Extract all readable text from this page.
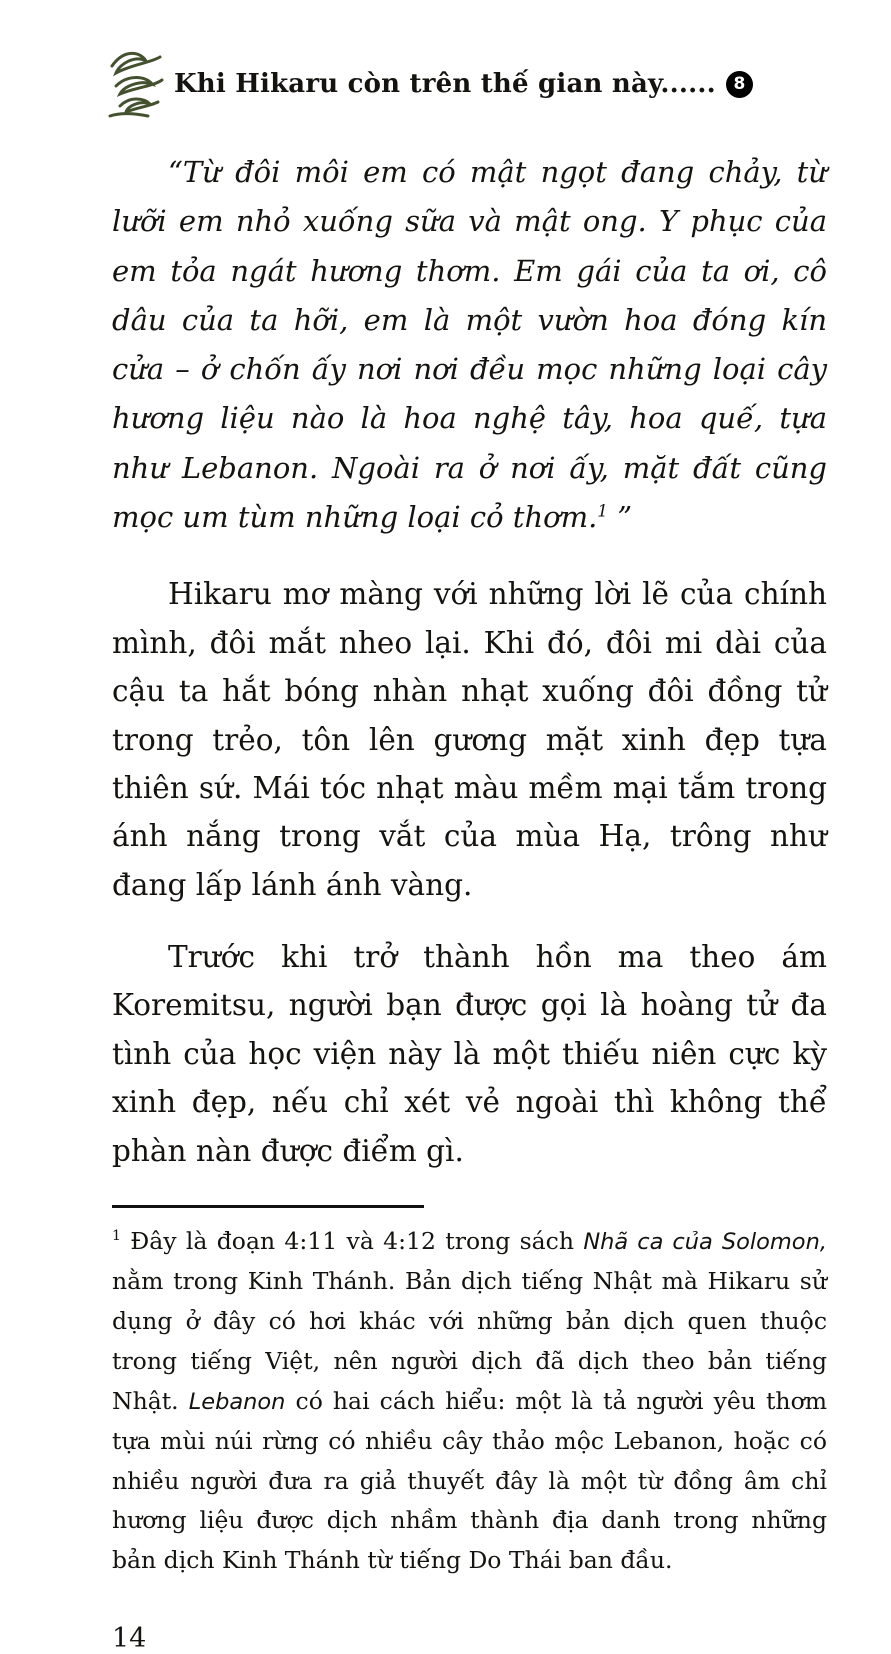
Khi Hikaru còn trên thế gian này......	8

“Từ đôi môi em có mật ngọt đang chảy, từ lưỡi em nhỏ xuống sữa và mật ong. Y phục của em tỏa ngát hương thơm. Em gái của ta ơi, cô dâu của ta hỡi, em là một vườn hoa đóng kín cửa – ở chốn ấy nơi nơi đều mọc những loại cây hương liệu nào là hoa nghệ tây, hoa quế, tựa như Lebanon. Ngoài ra ở nơi ấy, mặt đất cũng mọc um tùm những loại cỏ thơm.$^1$ ”

Hikaru mơ màng với những lời lẽ của chính mình, đôi mắt nheo lại. Khi đó, đôi mi dài của cậu ta hắt bóng nhàn nhạt xuống đôi đồng tử trong trẻo, tôn lên gương mặt xinh đẹp tựa thiên sứ. Mái tóc nhạt màu mềm mại tắm trong ánh nắng trong vắt của mùa Hạ, trông như đang lấp lánh ánh vàng.

Trước khi trở thành hồn ma theo ám Koremitsu, người bạn được gọi là hoàng tử đa tình của học viện này là một thiếu niên cực kỳ xinh đẹp, nếu chỉ xét vẻ ngoài thì không thể phàn nàn được điểm gì.

$^1$ Đây là đoạn 4:11 và 4:12 trong sách Nhã ca của Solomon, nằm trong Kinh Thánh. Bản dịch tiếng Nhật mà Hikaru sử dụng ở đây có hơi khác với những bản dịch quen thuộc trong tiếng Việt, nên người dịch đã dịch theo bản tiếng Nhật. Lebanon có hai cách hiểu: một là tả người yêu thơm tựa mùi núi rừng có nhiều cây thảo mộc Lebanon, hoặc có nhiều người đưa ra giả thuyết đây là một từ đồng âm chỉ hương liệu được dịch nhầm thành địa danh trong những bản dịch Kinh Thánh từ tiếng Do Thái ban đầu.

14
